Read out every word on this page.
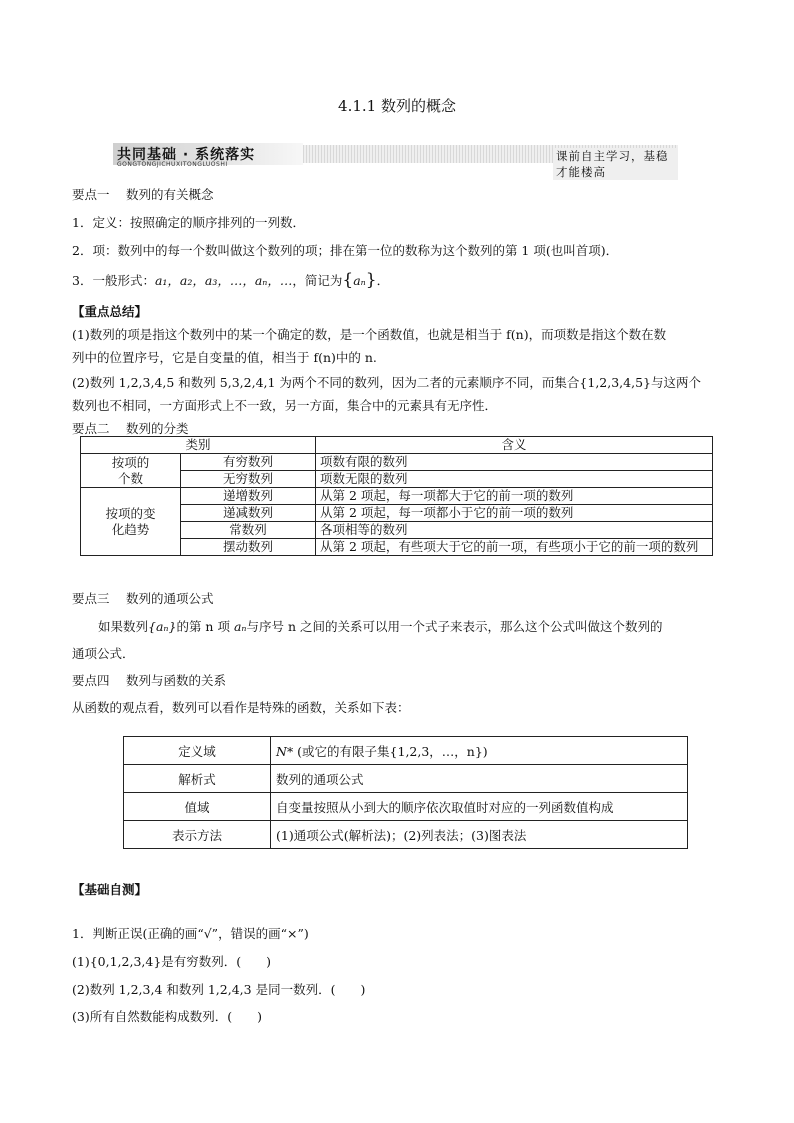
4.1.1 数列的概念
课前自主学习，基稳才能楼高
共同基础 · 系统落实
GONGTONGJICHUXITONGLUOSHI
要点一　 数列的有关概念
1．定义：按照确定的顺序排列的一列数．
2．项：数列中的每一个数叫做这个数列的项；排在第一位的数称为这个数列的第 1 项(也叫首项)．
3．一般形式：a₁，a₂，a₃，…，aₙ，…，简记为{aₙ}．
【重点总结】
(1)数列的项是指这个数列中的某一个确定的数，是一个函数值，也就是相当于 f(n)，而项数是指这个数在数
列中的位置序号，它是自变量的值，相当于 f(n)中的 n.
(2)数列 1,2,3,4,5 和数列 5,3,2,4,1 为两个不同的数列，因为二者的元素顺序不同，而集合{1,2,3,4,5}与这两个
数列也不相同，一方面形式上不一致，另一方面，集合中的元素具有无序性．
要点二　 数列的分类
类别		含义
按项的
个数	有穷数列	项数有限的数列
	无穷数列	项数无限的数列
按项的变
化趋势	递增数列	从第 2 项起，每一项都大于它的前一项的数列
	递减数列	从第 2 项起，每一项都小于它的前一项的数列
	常数列	各项相等的数列
	摆动数列	从第 2 项起，有些项大于它的前一项，有些项小于它的前一项的数列
要点三　 数列的通项公式
如果数列{aₙ}的第 n 项 aₙ与序号 n 之间的关系可以用一个式子来表示，那么这个公式叫做这个数列的
通项公式．
要点四　 数列与函数的关系
从函数的观点看，数列可以看作是特殊的函数，关系如下表：
定义域	N* (或它的有限子集{1,2,3，…，n})
解析式	数列的通项公式
值域	自变量按照从小到大的顺序依次取值时对应的一列函数值构成
表示方法	(1)通项公式(解析法)；(2)列表法；(3)图表法
【基础自测】
1．判断正误(正确的画“√”，错误的画“×”)
(1){0,1,2,3,4}是有穷数列．(　　)
(2)数列 1,2,3,4 和数列 1,2,4,3 是同一数列．(　　)
(3)所有自然数能构成数列．(　　)
